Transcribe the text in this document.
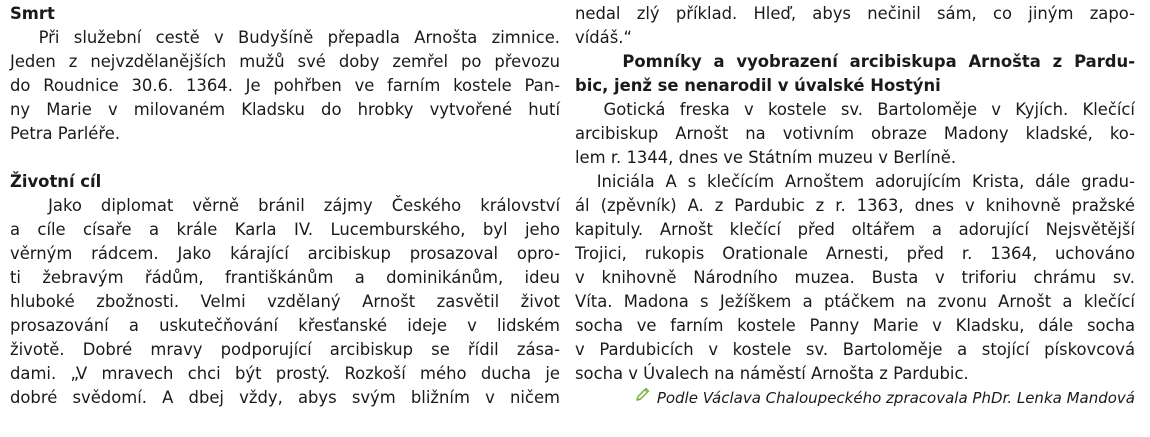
Smrt
Při služební cestě v Budyšíně přepadla Arnošta zimnice.
Jeden z nejvzdělanějších mužů své doby zemřel po převozu
do Roudnice 30.6. 1364. Je pohřben ve farním kostele Pan-
ny Marie v milovaném Kladsku do hrobky vytvořené hutí
Petra Parléře.
Životní cíl
Jako diplomat věrně bránil zájmy Českého království
a cíle císaře a krále Karla IV. Lucemburského, byl jeho
věrným rádcem. Jako kárající arcibiskup prosazoval opro-
ti žebravým řádům, františkánům a dominikánům, ideu
hluboké zbožnosti. Velmi vzdělaný Arnošt zasvětil život
prosazování a uskutečňování křesťanské ideje v lidském
životě. Dobré mravy podporující arcibiskup se řídil zása-
dami. „V mravech chci být prostý. Rozkoší mého ducha je
dobré svědomí. A dbej vždy, abys svým bližním v ničem
nedal zlý příklad. Hleď, abys nečinil sám, co jiným zapo-
vídáš.“
Pomníky a vyobrazení arcibiskupa Arnošta z Pardu-
bic, jenž se nenarodil v úvalské Hostýni
Gotická freska v kostele sv. Bartoloměje v Kyjích. Klečící
arcibiskup Arnošt na votivním obraze Madony kladské, ko-
lem r. 1344, dnes ve Státním muzeu v Berlíně.
Iniciála A s klečícím Arnoštem adorujícím Krista, dále gradu-
ál (zpěvník) A. z Pardubic z r. 1363, dnes v knihovně pražské
kapituly. Arnošt klečící před oltářem a adorující Nejsvětější
Trojici, rukopis Orationale Arnesti, před r. 1364, uchováno
v knihovně Národního muzea. Busta v triforiu chrámu sv.
Víta. Madona s Ježíškem a ptáčkem na zvonu Arnošt a klečící
socha ve farním kostele Panny Marie v Kladsku, dále socha
v Pardubicích v kostele sv. Bartoloměje a stojící pískovcová
socha v Úvalech na náměstí Arnošta z Pardubic.
Podle Václava Chaloupeckého zpracovala PhDr. Lenka Mandová
